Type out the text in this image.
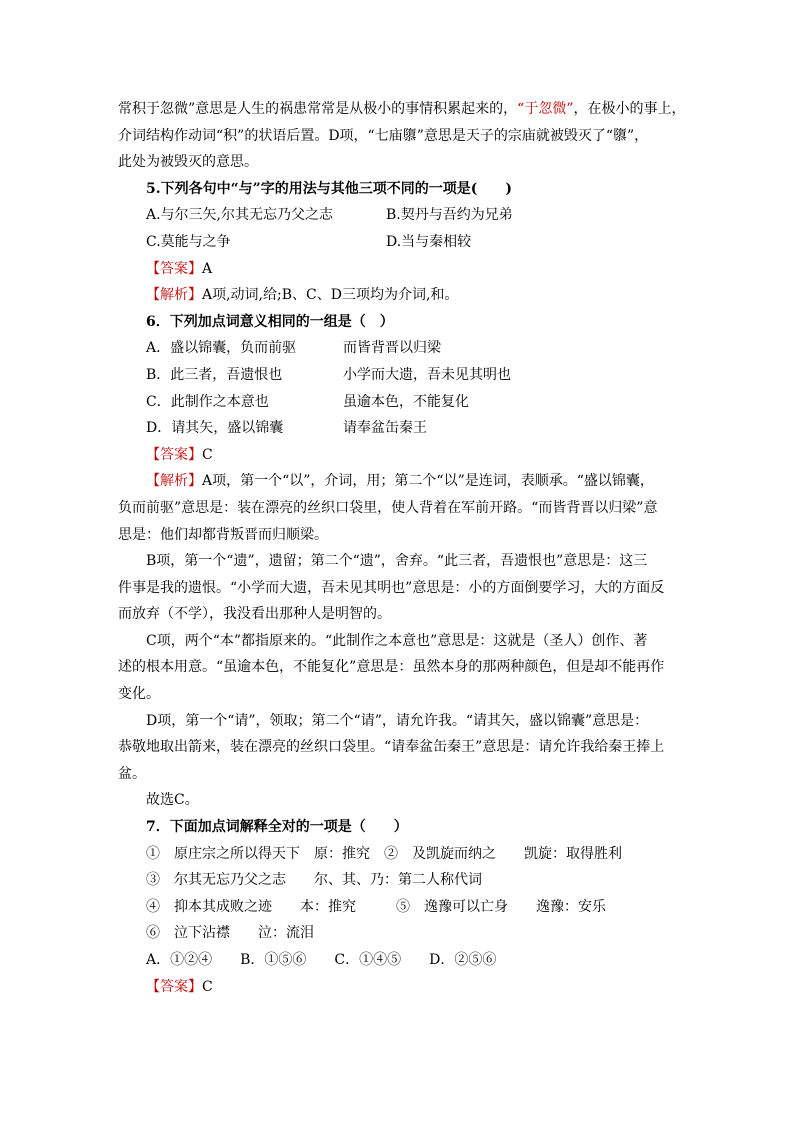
常积于忽微”意思是人生的祸患常常是从极小的事情积累起来的，“于忽微”，在极小的事上，
介词结构作动词“积”的状语后置。D项，“七庙隳”意思是天子的宗庙就被毁灭了“隳”，
此处为被毁灭的意思。
5.下列各句中“与”字的用法与其他三项不同的一项是(　　)
A.与尔三矢,尔其无忘乃父之志	B.契丹与吾约为兄弟
C.莫能与之争	D.当与秦相较
【答案】A
【解析】A项,动词,给;B、C、D三项均为介词,和。
6．下列加点词意义相同的一组是（　）
A．盛以锦囊，负而前驱	而皆背晋以归梁
B．此三者，吾遗恨也	小学而大遗，吾未见其明也
C．此制作之本意也	虽逾本色，不能复化
D．请其矢，盛以锦囊	请奉盆缶秦王
【答案】C
【解析】A项，第一个“以”，介词，用；第二个“以”是连词，表顺承。“盛以锦囊，
负而前驱”意思是：装在漂亮的丝织口袋里，使人背着在军前开路。“而皆背晋以归梁”意
思是：他们却都背叛晋而归顺梁。
B项，第一个“遗”，遗留；第二个“遗”，舍弃。“此三者，吾遗恨也”意思是：这三
件事是我的遗恨。“小学而大遗，吾未见其明也”意思是：小的方面倒要学习，大的方面反
而放弃（不学），我没看出那种人是明智的。
C项，两个“本”都指原来的。“此制作之本意也”意思是：这就是（圣人）创作、著
述的根本用意。“虽逾本色，不能复化”意思是：虽然本身的那两种颜色，但是却不能再作
变化。
D项，第一个“请”，领取；第二个“请”，请允许我。“请其矢，盛以锦囊”意思是：
恭敬地取出箭来，装在漂亮的丝织口袋里。“请奉盆缶秦王”意思是：请允许我给秦王捧上
盆。
故选C。
7．下面加点词解释全对的一项是（　　）
①　原庄宗之所以得天下　原：推究 ②　及凯旋而纳之　　凯旋：取得胜利
③　尔其无忘乃父之志　　尔、其、乃：第二人称代词
④　抑本其成败之迹　　本：推究	⑤　逸豫可以亡身　　逸豫：安乐
⑥　泣下沾襟　　泣：流泪
A．①②④　　B．①⑤⑥　　C．①④⑤　　D．②⑤⑥
【答案】C
